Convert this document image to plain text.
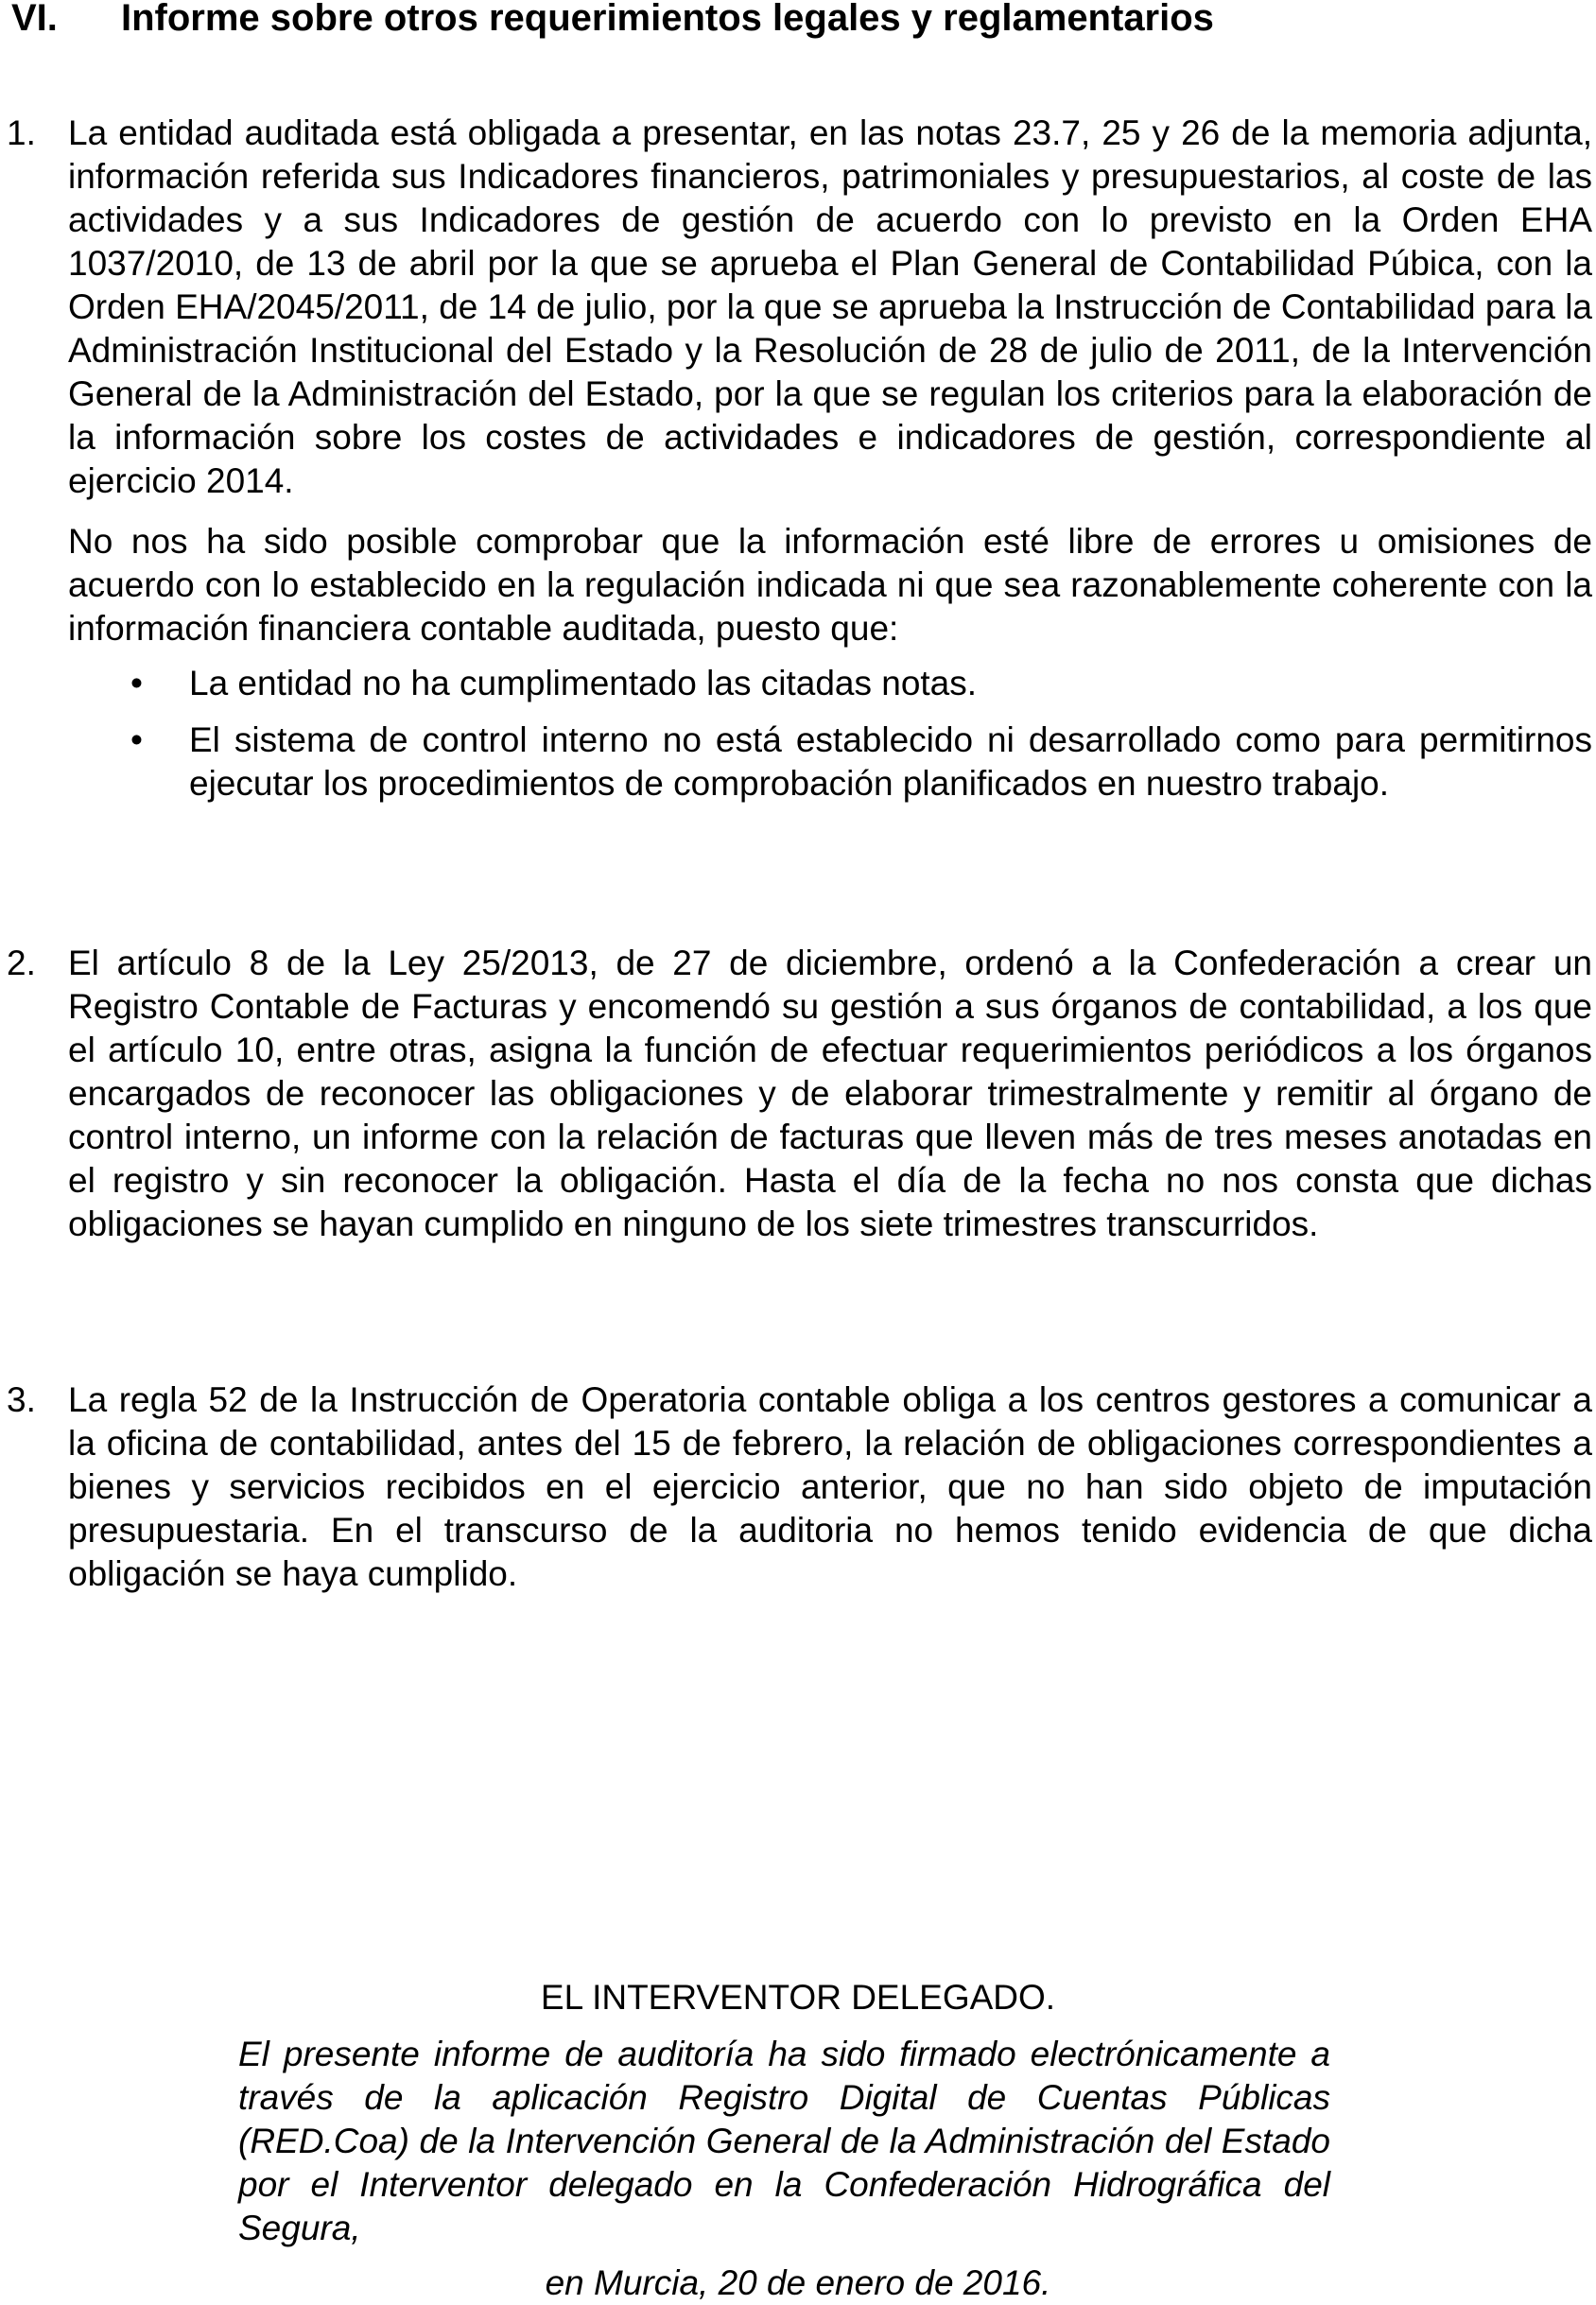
VI. Informe sobre otros requerimientos legales y reglamentarios
1. La entidad auditada está obligada a presentar, en las notas 23.7, 25 y 26 de la memoria adjunta, información referida sus Indicadores financieros, patrimoniales y presupuestarios, al coste de las actividades y a sus Indicadores de gestión de acuerdo con lo previsto en la Orden EHA 1037/2010, de 13 de abril por la que se aprueba el Plan General de Contabilidad Púbica, con la Orden EHA/2045/2011, de 14 de julio, por la que se aprueba la Instrucción de Contabilidad para la Administración Institucional del Estado y la Resolución de 28 de julio de 2011, de la Intervención General de la Administración del Estado, por la que se regulan los criterios para la elaboración de la información sobre los costes de actividades e indicadores de gestión, correspondiente al ejercicio 2014.

No nos ha sido posible comprobar que la información esté libre de errores u omisiones de acuerdo con lo establecido en la regulación indicada ni que sea razonablemente coherente con la información financiera contable auditada, puesto que:

• La entidad no ha cumplimentado las citadas notas.
• El sistema de control interno no está establecido ni desarrollado como para permitirnos ejecutar los procedimientos de comprobación planificados en nuestro trabajo.
2. El artículo 8 de la Ley 25/2013, de 27 de diciembre, ordenó a la Confederación a crear un Registro Contable de Facturas y encomendó su gestión a sus órganos de contabilidad, a los que el artículo 10, entre otras, asigna la función de efectuar requerimientos periódicos a los órganos encargados de reconocer las obligaciones y de elaborar trimestralmente y remitir al órgano de control interno, un informe con la relación de facturas que lleven más de tres meses anotadas en el registro y sin reconocer la obligación. Hasta el día de la fecha no nos consta que dichas obligaciones se hayan cumplido en ninguno de los siete trimestres transcurridos.

3. La regla 52 de la Instrucción de Operatoria contable obliga a los centros gestores a comunicar a la oficina de contabilidad, antes del 15 de febrero, la relación de obligaciones correspondientes a bienes y servicios recibidos en el ejercicio anterior, que no han sido objeto de imputación presupuestaria. En el transcurso de la auditoria no hemos tenido evidencia de que dicha obligación se haya cumplido.

EL INTERVENTOR DELEGADO.

El presente informe de auditoría ha sido firmado electrónicamente a través de la aplicación Registro Digital de Cuentas Públicas (RED.Coa) de la Intervención General de la Administración del Estado por el Interventor delegado en la Confederación Hidrográfica del Segura,

en Murcia, 20 de enero de 2016.
